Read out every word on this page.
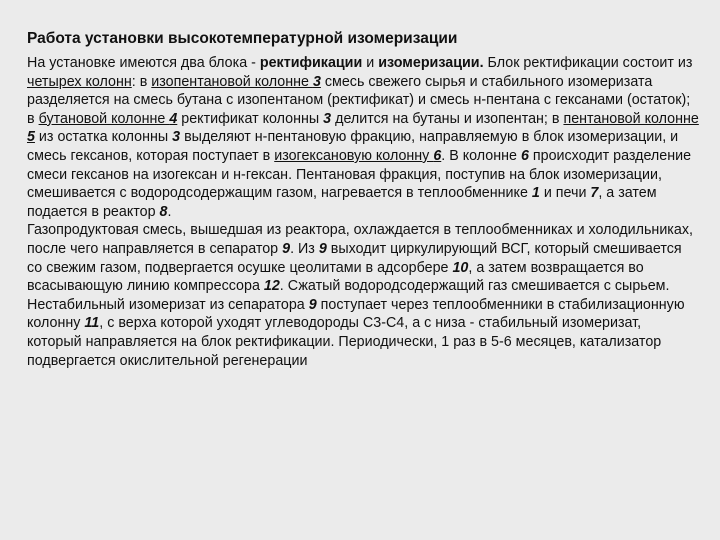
Работа установки высокотемпературной изомеризации

На установке имеются два блока - ректификации и изомеризации. Блок ректификации состоит из четырех колонн: в изопентановой колонне 3 смесь свежего сырья и стабильного изомеризата разделяется на смесь бутана с изопентаном (ректификат) и смесь н-пентана с гексанами (остаток); в бутановой колонне 4 ректификат колонны 3 делится на бутаны и изопентан; в пентановой колонне 5 из остатка колонны 3 выделяют н-пентановую фракцию, направляемую в блок изомеризации, и смесь гексанов, которая поступает в изогексановую колонну 6. В колонне 6 происходит разделение смеси гексанов на изогексан и н-гексан. Пентановая фракция, поступив на блок изомеризации, смешивается с водородсодержащим газом, нагревается в теплообменнике 1 и печи 7, а затем подается в реактор 8.

Газопродуктовая смесь, вышедшая из реактора, охлаждается в теплообменниках и холодильниках, после чего направляется в сепаратор 9. Из 9 выходит циркулирующий ВСГ, который смешивается со свежим газом, подвергается осушке цеолитами в адсорбере 10, а затем возвращается во всасывающую линию компрессора 12. Сжатый водородсодержащий газ смешивается с сырьем. Нестабильный изомеризат из сепаратора 9 поступает через теплообменники в стабилизационную колонну 11, с верха которой уходят углеводороды С3-С4, а с низа - стабильный изомеризат, который направляется на блок ректификации. Периодически, 1 раз в 5-6 месяцев, катализатор подвергается окислительной регенерации
